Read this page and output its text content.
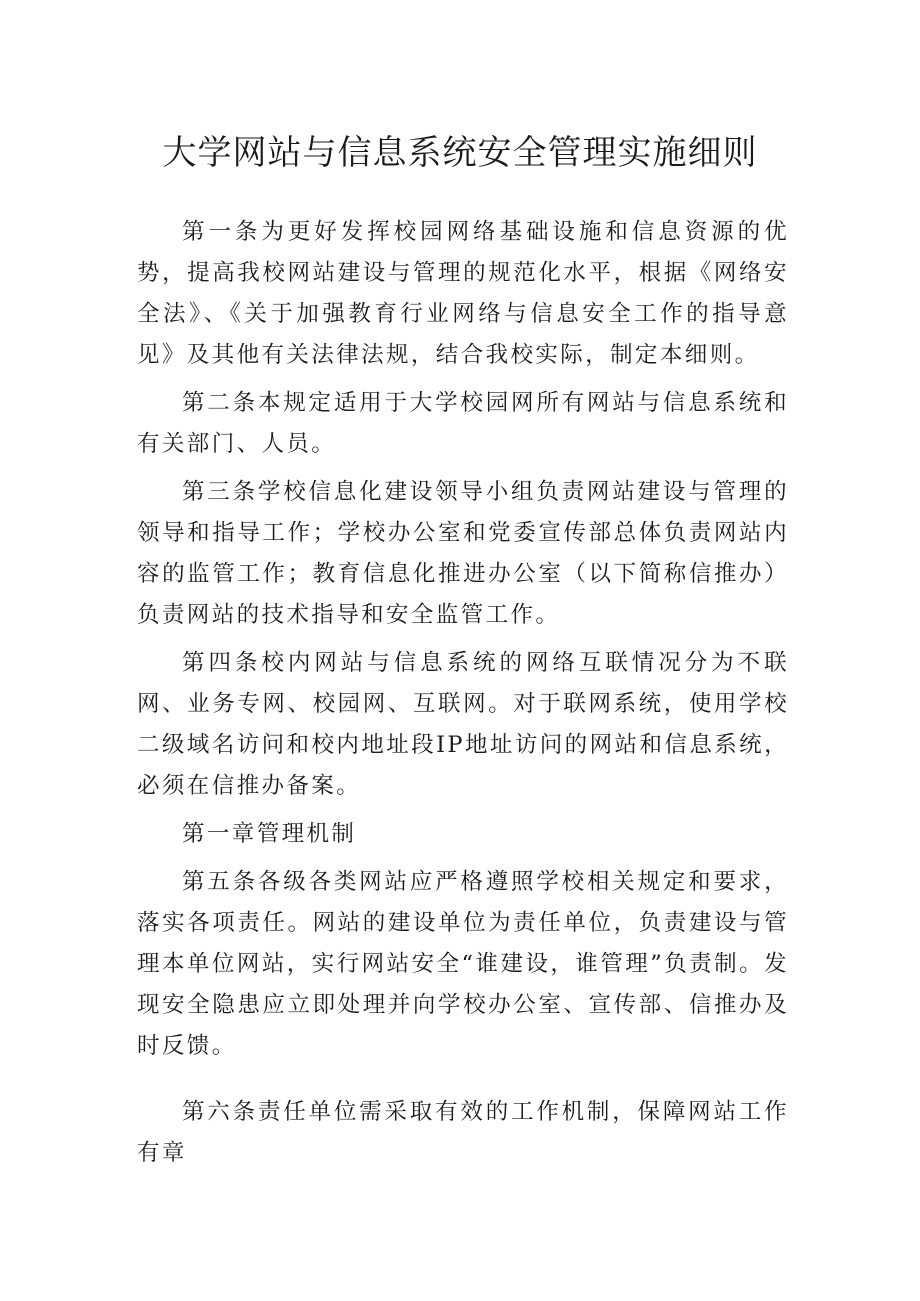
大学网站与信息系统安全管理实施细则

第一条为更好发挥校园网络基础设施和信息资源的优势，提高我校网站建设与管理的规范化水平，根据《网络安全法》、《关于加强教育行业网络与信息安全工作的指导意见》及其他有关法律法规，结合我校实际，制定本细则。

第二条本规定适用于大学校园网所有网站与信息系统和有关部门、人员。

第三条学校信息化建设领导小组负责网站建设与管理的领导和指导工作；学校办公室和党委宣传部总体负责网站内容的监管工作；教育信息化推进办公室（以下简称信推办）负责网站的技术指导和安全监管工作。

第四条校内网站与信息系统的网络互联情况分为不联网、业务专网、校园网、互联网。对于联网系统，使用学校二级域名访问和校内地址段IP地址访问的网站和信息系统，必须在信推办备案。

第一章管理机制

第五条各级各类网站应严格遵照学校相关规定和要求，落实各项责任。网站的建设单位为责任单位，负责建设与管理本单位网站，实行网站安全“谁建设，谁管理”负责制。发现安全隐患应立即处理并向学校办公室、宣传部、信推办及时反馈。

第六条责任单位需采取有效的工作机制，保障网站工作有章
